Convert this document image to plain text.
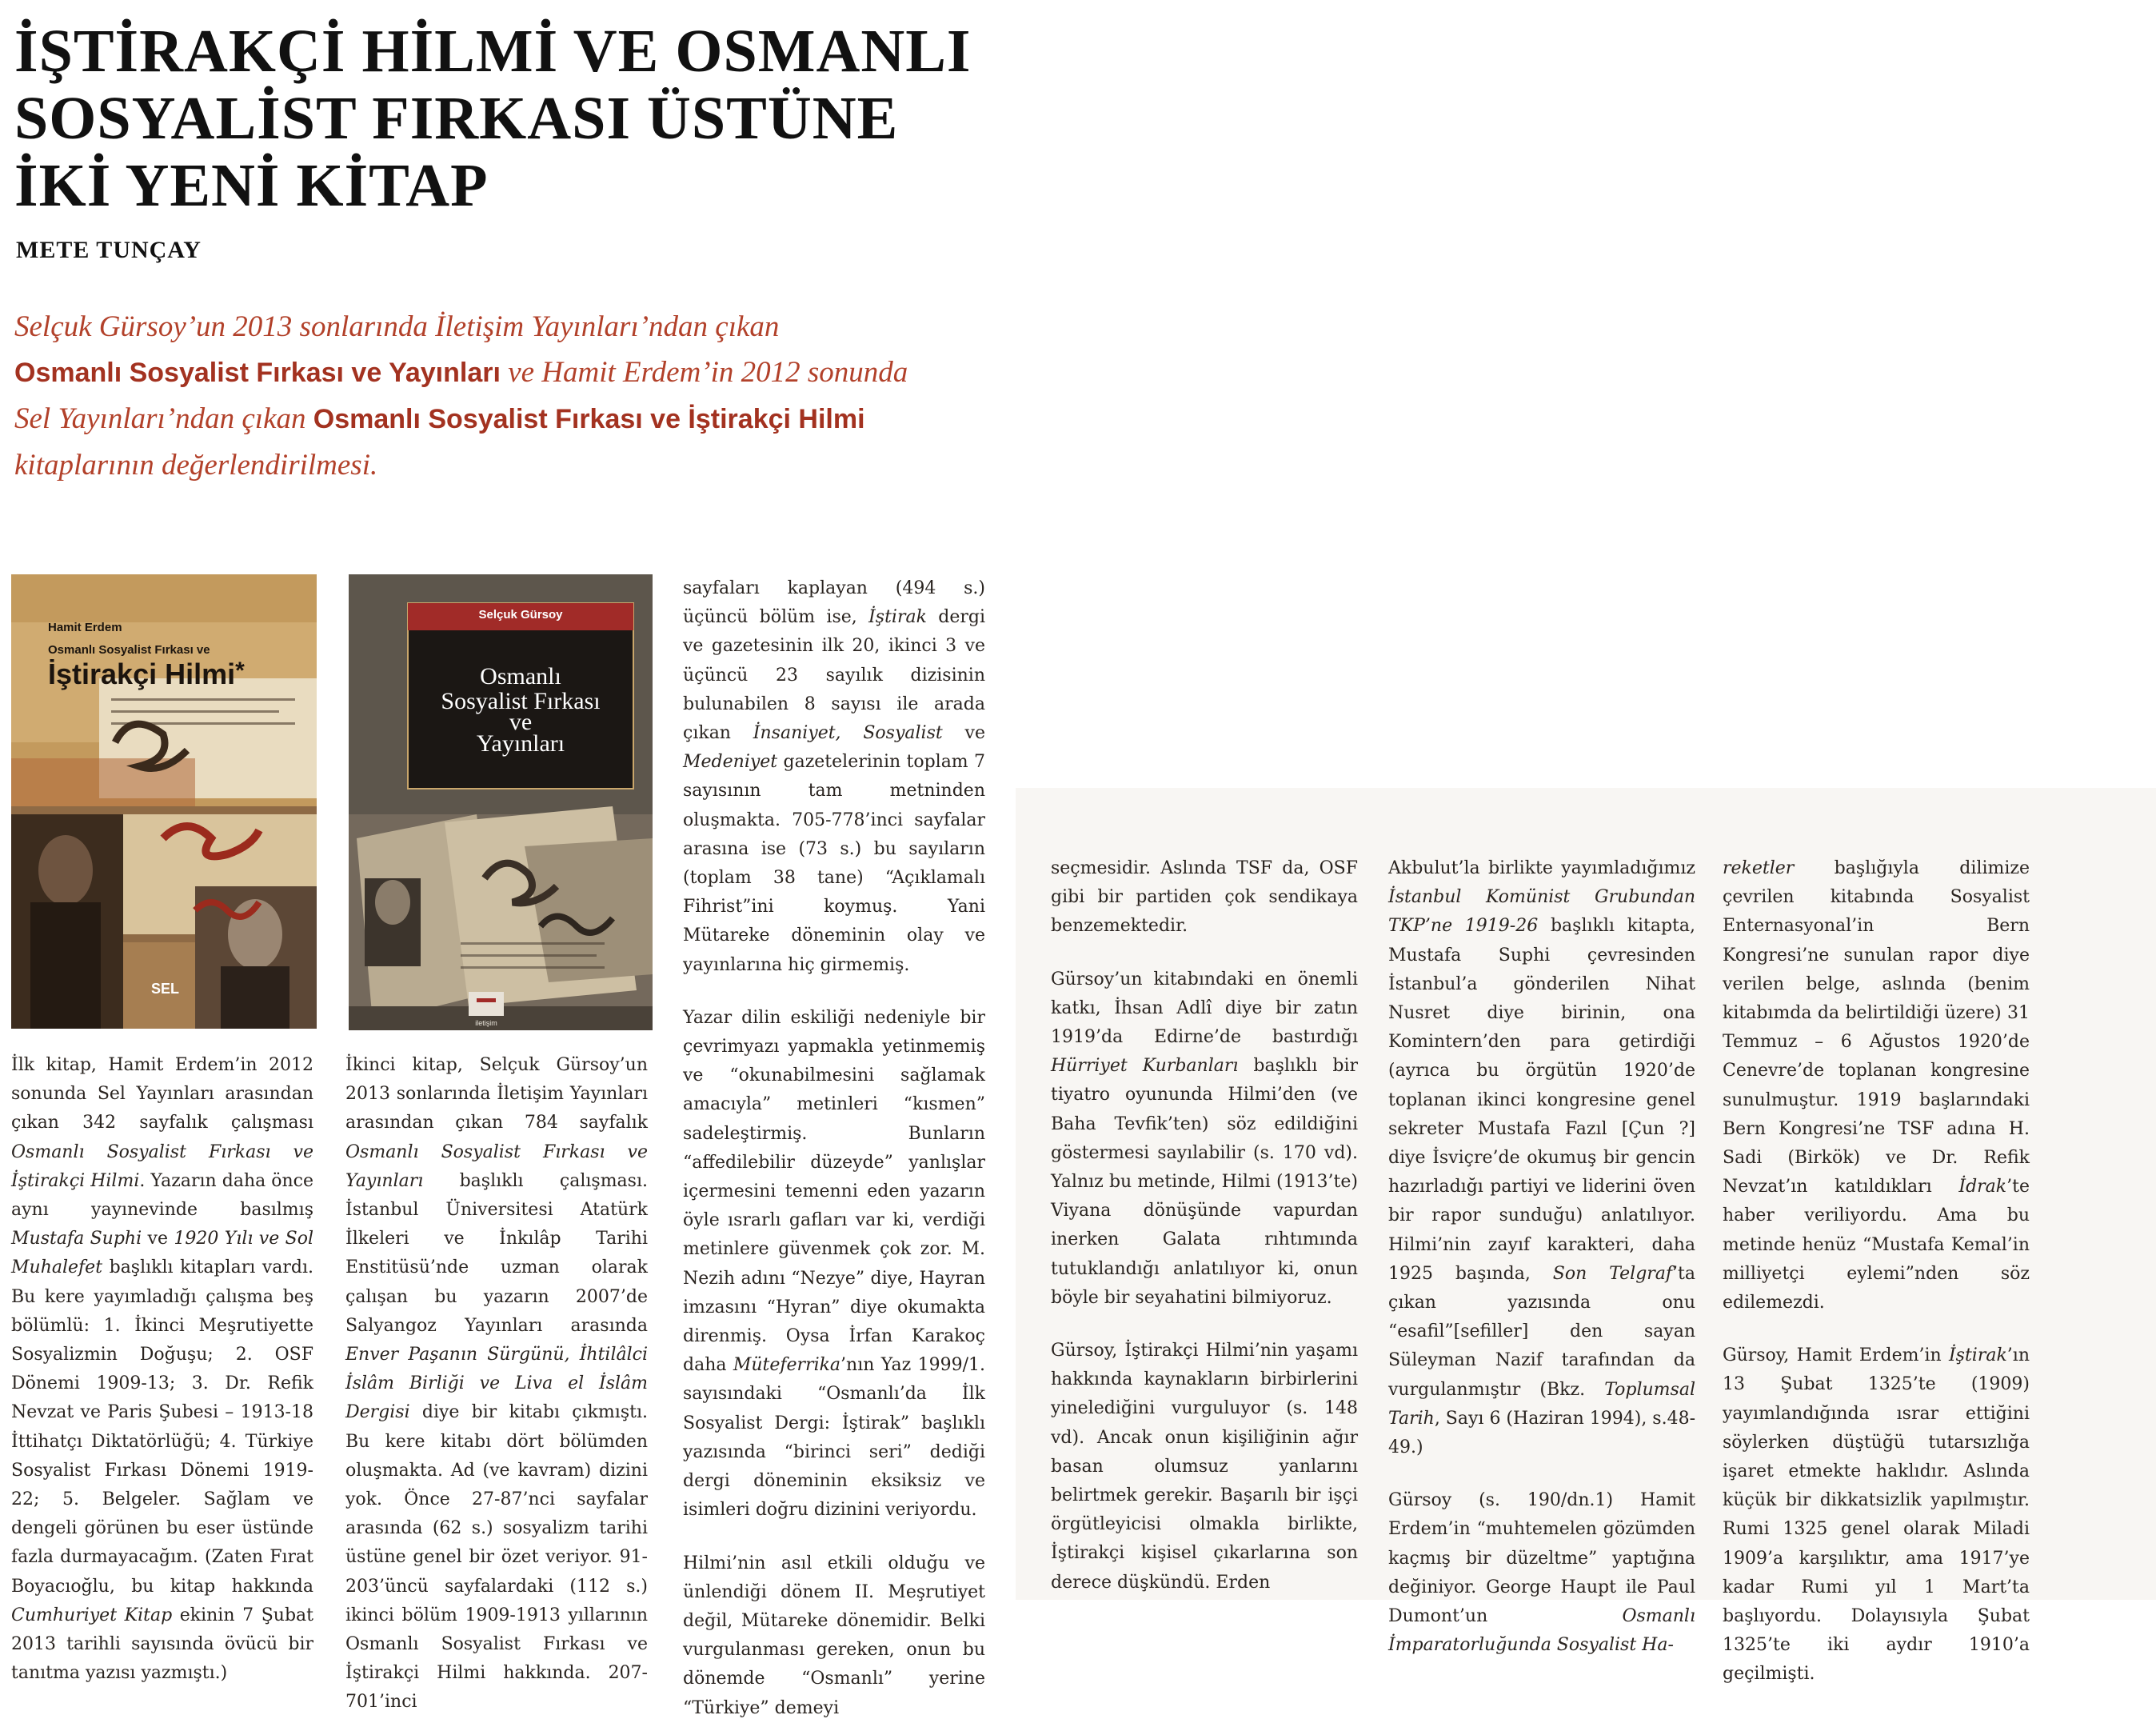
İŞTİRAKÇİ HİLMİ VE OSMANLI
SOSYALİST FIRKASI ÜSTÜNE
İKİ YENİ KİTAP
METE TUNÇAY
Selçuk Gürsoy’un 2013 sonlarında İletişim Yayınları’ndan çıkan
Osmanlı Sosyalist Fırkası ve Yayınları ve Hamit Erdem’in 2012 sonunda
Sel Yayınları’ndan çıkan Osmanlı Sosyalist Fırkası ve İştirakçi Hilmi
kitaplarının değerlendirilmesi.
Hamit Erdem
Osmanlı Sosyalist Fırkası ve
İştirakçi Hilmi*
SEL
Selçuk Gürsoy
Osmanlı
Sosyalist Fırkası
ve
Yayınları
iletişim
İlk kitap, Hamit Erdem’in 2012 sonunda Sel Yayınları arasından çıkan 342 sayfalık çalışması Osmanlı Sosyalist Fırkası ve İştirakçi Hilmi. Yazarın daha önce aynı yayınevinde basılmış Mustafa Suphi ve 1920 Yılı ve Sol Muhalefet başlıklı kitapları vardı. Bu kere yayımladığı çalışma beş bölümlü: 1. İkinci Meşrutiyette Sosyalizmin Doğuşu; 2. OSF Dönemi 1909-13; 3. Dr. Refik Nevzat ve Paris Şubesi – 1913-18 İttihatçı Diktatörlüğü; 4. Türkiye Sosyalist Fırkası Dönemi 1919-22; 5. Belgeler. Sağlam ve dengeli görünen bu eser üstünde fazla durmayacağım. (Zaten Fırat Boyacıoğlu, bu kitap hakkında Cumhuriyet Kitap ekinin 7 Şubat 2013 tarihli sayısında övücü bir tanıtma yazısı yazmıştı.)
İkinci kitap, Selçuk Gürsoy’un 2013 sonlarında İletişim Yayınları arasından çıkan 784 sayfalık Osmanlı Sosyalist Fırkası ve Yayınları başlıklı çalışması. İstanbul Üniversitesi Atatürk İlkeleri ve İnkılâp Tarihi Enstitüsü’nde uzman olarak çalışan bu yazarın 2007’de Salyangoz Yayınları arasında Enver Paşanın Sürgünü, İhtilâlci İslâm Birliği ve Liva el İslâm Dergisi diye bir kitabı çıkmıştı. Bu kere kitabı dört bölümden oluşmakta. Ad (ve kavram) dizini yok. Önce 27-87’nci sayfalar arasında (62 s.) sosyalizm tarihi üstüne genel bir özet veriyor. 91-203’üncü sayfalardaki (112 s.) ikinci bölüm 1909-1913 yıllarının Osmanlı Sosyalist Fırkası ve İştirakçi Hilmi hakkında. 207-701’inci

sayfaları kaplayan (494 s.) üçüncü bölüm ise, İştirak dergi ve gazetesinin ilk 20, ikinci 3 ve üçüncü 23 sayılık dizisinin bulunabilen 8 sayısı ile arada çıkan İnsaniyet, Sosyalist ve Medeniyet gazetelerinin toplam 7 sayısının tam metninden oluşmakta. 705-778’inci sayfalar arasına ise (73 s.) bu sayıların (toplam 38 tane) “Açıklamalı Fihrist”ini koymuş. Yani Mütareke döneminin olay ve yayınlarına hiç girmemiş.

Yazar dilin eskiliği nedeniyle bir çevrimyazı yapmakla yetinmemiş ve “okunabilmesini sağlamak amacıyla” metinleri “kısmen” sadeleştirmiş. Bunların “affedilebilir düzeyde” yanlışlar içermesini temenni eden yazarın öyle ısrarlı gafları var ki, verdiği metinlere güvenmek çok zor. M. Nezih adını “Nezye” diye, Hayran imzasını “Hyran” diye okumakta direnmiş. Oysa İrfan Karakoç daha Müteferrika’nın Yaz 1999/1. sayısındaki “Osmanlı’da İlk Sosyalist Dergi: İştirak” başlıklı yazısında “birinci seri” dediği dergi döneminin eksiksiz ve isimleri doğru dizinini veriyordu.

Hilmi’nin asıl etkili olduğu ve ünlendiği dönem II. Meşrutiyet değil, Mütareke dönemidir. Belki vurgulanması gereken, onun bu dönemde “Osmanlı” yerine “Türkiye” demeyi

seçmesidir. Aslında TSF da, OSF gibi bir partiden çok sendikaya benzemektedir.

Gürsoy’un kitabındaki en önemli katkı, İhsan Adlî diye bir zatın 1919’da Edirne’de bastırdığı Hürriyet Kurbanları başlıklı bir tiyatro oyununda Hilmi’den (ve Baha Tevfik’ten) söz edildiğini göstermesi sayılabilir (s. 170 vd). Yalnız bu metinde, Hilmi (1913’te) Viyana dönüşünde vapurdan inerken Galata rıhtımında tutuklandığı anlatılıyor ki, onun böyle bir seyahatini bilmiyoruz.

Gürsoy, İştirakçi Hilmi’nin yaşamı hakkında kaynakların birbirlerini yinelediğini vurguluyor (s. 148 vd). Ancak onun kişiliğinin ağır basan olumsuz yanlarını belirtmek gerekir. Başarılı bir işçi örgütleyicisi olmakla birlikte, İştirakçi kişisel çıkarlarına son derece düşkündü. Erden

Akbulut’la birlikte yayımladığımız İstanbul Komünist Grubundan TKP’ne 1919-26 başlıklı kitapta, Mustafa Suphi çevresinden İstanbul’a gönderilen Nihat Nusret diye birinin, ona Komintern’den para getirdiği (ayrıca bu örgütün 1920’de toplanan ikinci kongresine genel sekreter Mustafa Fazıl [Çun ?] diye İsviçre’de okumuş bir gencin hazırladığı partiyi ve liderini öven bir rapor sunduğu) anlatılıyor. Hilmi’nin zayıf karakteri, daha 1925 başında, Son Telgraf’ta çıkan yazısında onu “esafil”[sefiller] den sayan Süleyman Nazif tarafından da vurgulanmıştır (Bkz. Toplumsal Tarih, Sayı 6 (Haziran 1994), s.48-49.)

Gürsoy (s. 190/dn.1) Hamit Erdem’in “muhtemelen gözümden kaçmış bir düzeltme” yaptığına değiniyor. George Haupt ile Paul Dumont’un Osmanlı İmparatorluğunda Sosyalist Ha-

reketler başlığıyla dilimize çevrilen kitabında Sosyalist Enternasyonal’in Bern Kongresi’ne sunulan rapor diye verilen belge, aslında (benim kitabımda da belirtildiği üzere) 31 Temmuz – 6 Ağustos 1920’de Cenevre’de toplanan kongresine sunulmuştur. 1919 başlarındaki Bern Kongresi’ne TSF adına H. Sadi (Birkök) ve Dr. Refik Nevzat’ın katıldıkları İdrak’te haber veriliyordu. Ama bu metinde henüz “Mustafa Kemal’in milliyetçi eylemi”nden söz edilemezdi.

Gürsoy, Hamit Erdem’in İştirak’ın 13 Şubat 1325’te (1909) yayımlandığında ısrar ettiğini söylerken düştüğü tutarsızlığa işaret etmekte haklıdır. Aslında küçük bir dikkatsizlik yapılmıştır. Rumi 1325 genel olarak Miladi 1909’a karşılıktır, ama 1917’ye kadar Rumi yıl 1 Mart’ta başlıyordu. Dolayısıyla Şubat 1325’te iki aydır 1910’a geçilmişti.
